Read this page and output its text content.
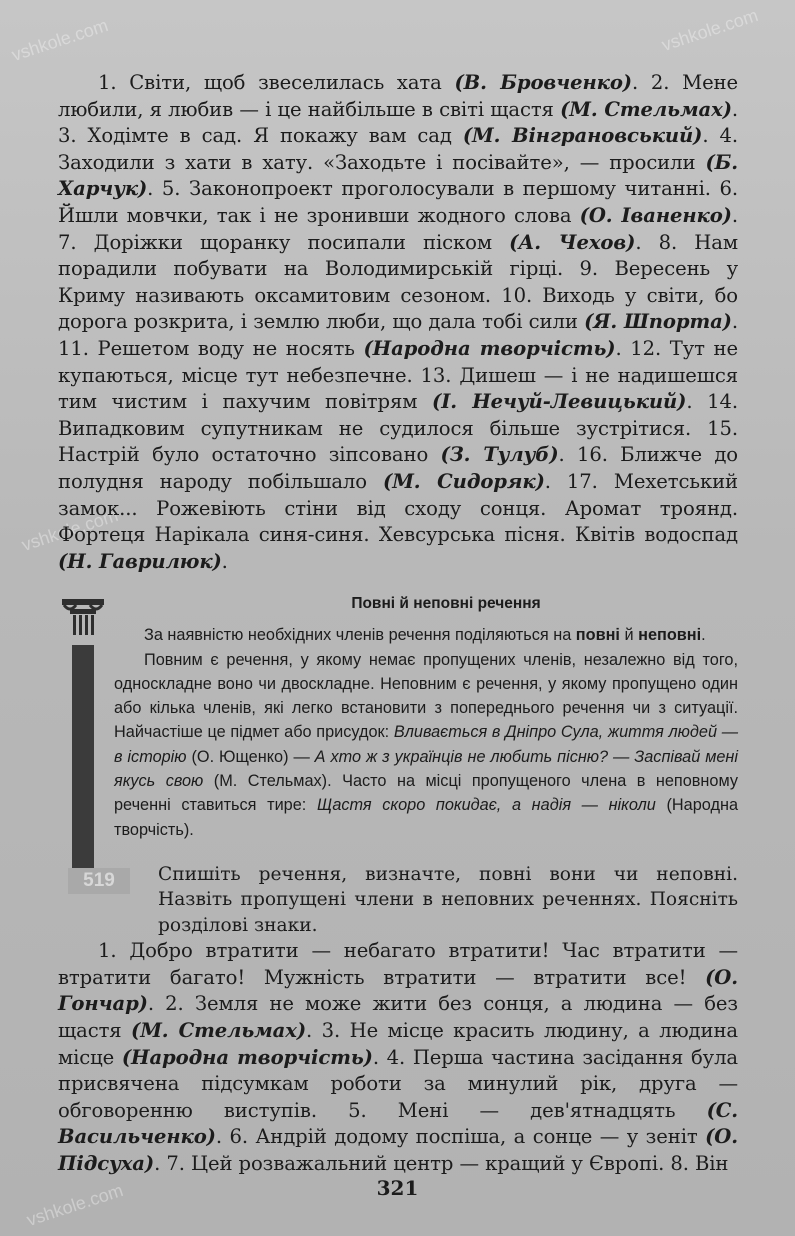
vshkole.com	vshkole.com
vshkole.com
vshkole.com

1. Світи, щоб звеселилась хата (В. Бровченко). 2. Мене любили, я любив — і це найбільше в світі щастя (М. Стельмах). 3. Ходімте в сад. Я покажу вам сад (М. Вінграновський). 4. Заходили з хати в хату. «Заходьте і посівайте», — просили (Б. Харчук). 5. Законопроект проголосували в першому читанні. 6. Йшли мовчки, так і не зронивши жодного слова (О. Іваненко). 7. Доріжки щоранку посипали піском (А. Чехов). 8. Нам порадили побувати на Володимирській гірці. 9. Вересень у Криму називають оксамитовим сезоном. 10. Виходь у світи, бо дорога розкрита, і землю люби, що дала тобі сили (Я. Шпорта). 11. Решетом воду не носять (Народна творчість). 12. Тут не купаються, місце тут небезпечне. 13. Дишеш — і не надишешся тим чистим і пахучим повітрям (І. Нечуй-Левицький). 14. Випадковим супутникам не судилося більше зустрітися. 15. Настрій було остаточно зіпсовано (З. Тулуб). 16. Ближче до полудня народу побільшало (М. Сидоряк). 17. Мехетський замок... Рожевіють стіни від сходу сонця. Аромат троянд. Фортеця Нарікала синя-синя. Хевсурська пісня. Квітів водоспад (Н. Гаврилюк).

Повні й неповні речення

За наявністю необхідних членів речення поділяються на повні й неповні.

Повним є речення, у якому немає пропущених членів, незалежно від того, односкладне воно чи двоскладне. Неповним є речення, у якому пропущено один або кілька членів, які легко встановити з попереднього речення чи з ситуації. Найчастіше це підмет або присудок: Вливається в Дніпро Сула, життя людей — в історію (О. Ющенко) — А хто ж з українців не любить пісню? — Заспівай мені якусь свою (М. Стельмах). Часто на місці пропущеного члена в неповному реченні ставиться тире: Щастя скоро покидає, а надія — ніколи (Народна творчість).

519	Спишіть речення, визначте, повні вони чи неповні. Назвіть пропущені члени в неповних реченнях. Поясніть розділові знаки.

1. Добро втратити — небагато втратити! Час втратити — втратити багато! Мужність втратити — втратити все! (О. Гончар). 2. Земля не може жити без сонця, а людина — без щастя (М. Стельмах). 3. Не місце красить людину, а людина місце (Народна творчість). 4. Перша частина засідання була присвячена підсумкам роботи за минулий рік, друга — обговоренню виступів. 5. Мені — дев'ятнадцять (С. Васильченко). 6. Андрій додому поспіша, а сонце — у зеніт (О. Підсуха). 7. Цей розважальний центр — кращий у Європі. 8. Він

321
